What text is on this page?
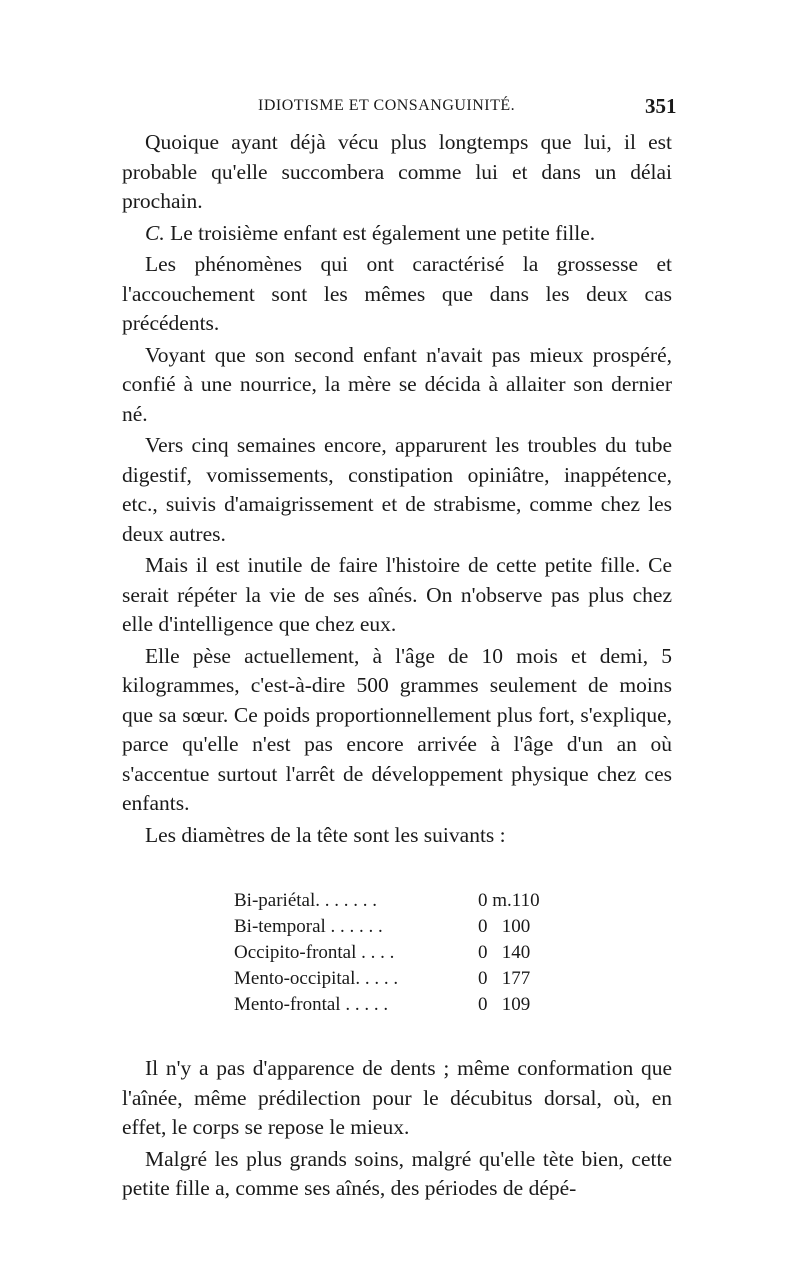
IDIOTISME ET CONSANGUINITÉ.	351

Quoique ayant déjà vécu plus longtemps que lui, il est probable qu'elle succombera comme lui et dans un délai prochain.

C. Le troisième enfant est également une petite fille.

Les phénomènes qui ont caractérisé la grossesse et l'accouchement sont les mêmes que dans les deux cas précédents.

Voyant que son second enfant n'avait pas mieux prospéré, confié à une nourrice, la mère se décida à allaiter son dernier né.

Vers cinq semaines encore, apparurent les troubles du tube digestif, vomissements, constipation opiniâtre, inappétence, etc., suivis d'amaigrissement et de strabisme, comme chez les deux autres.

Mais il est inutile de faire l'histoire de cette petite fille. Ce serait répéter la vie de ses aînés. On n'observe pas plus chez elle d'intelligence que chez eux.

Elle pèse actuellement, à l'âge de 10 mois et demi, 5 kilogrammes, c'est-à-dire 500 grammes seulement de moins que sa sœur. Ce poids proportionnellement plus fort, s'explique, parce qu'elle n'est pas encore arrivée à l'âge d'un an où s'accentue surtout l'arrêt de développement physique chez ces enfants.

Les diamètres de la tête sont les suivants :

Bi-pariétal. . . . . . .	0 m.110
Bi-temporal . . . . . .	0   100
Occipito-frontal . . . .	0   140
Mento-occipital. . . . .	0   177
Mento-frontal . . . . .	0   109

Il n'y a pas d'apparence de dents ; même conformation que l'aînée, même prédilection pour le décubitus dorsal, où, en effet, le corps se repose le mieux.

Malgré les plus grands soins, malgré qu'elle tète bien, cette petite fille a, comme ses aînés, des périodes de dépé-
